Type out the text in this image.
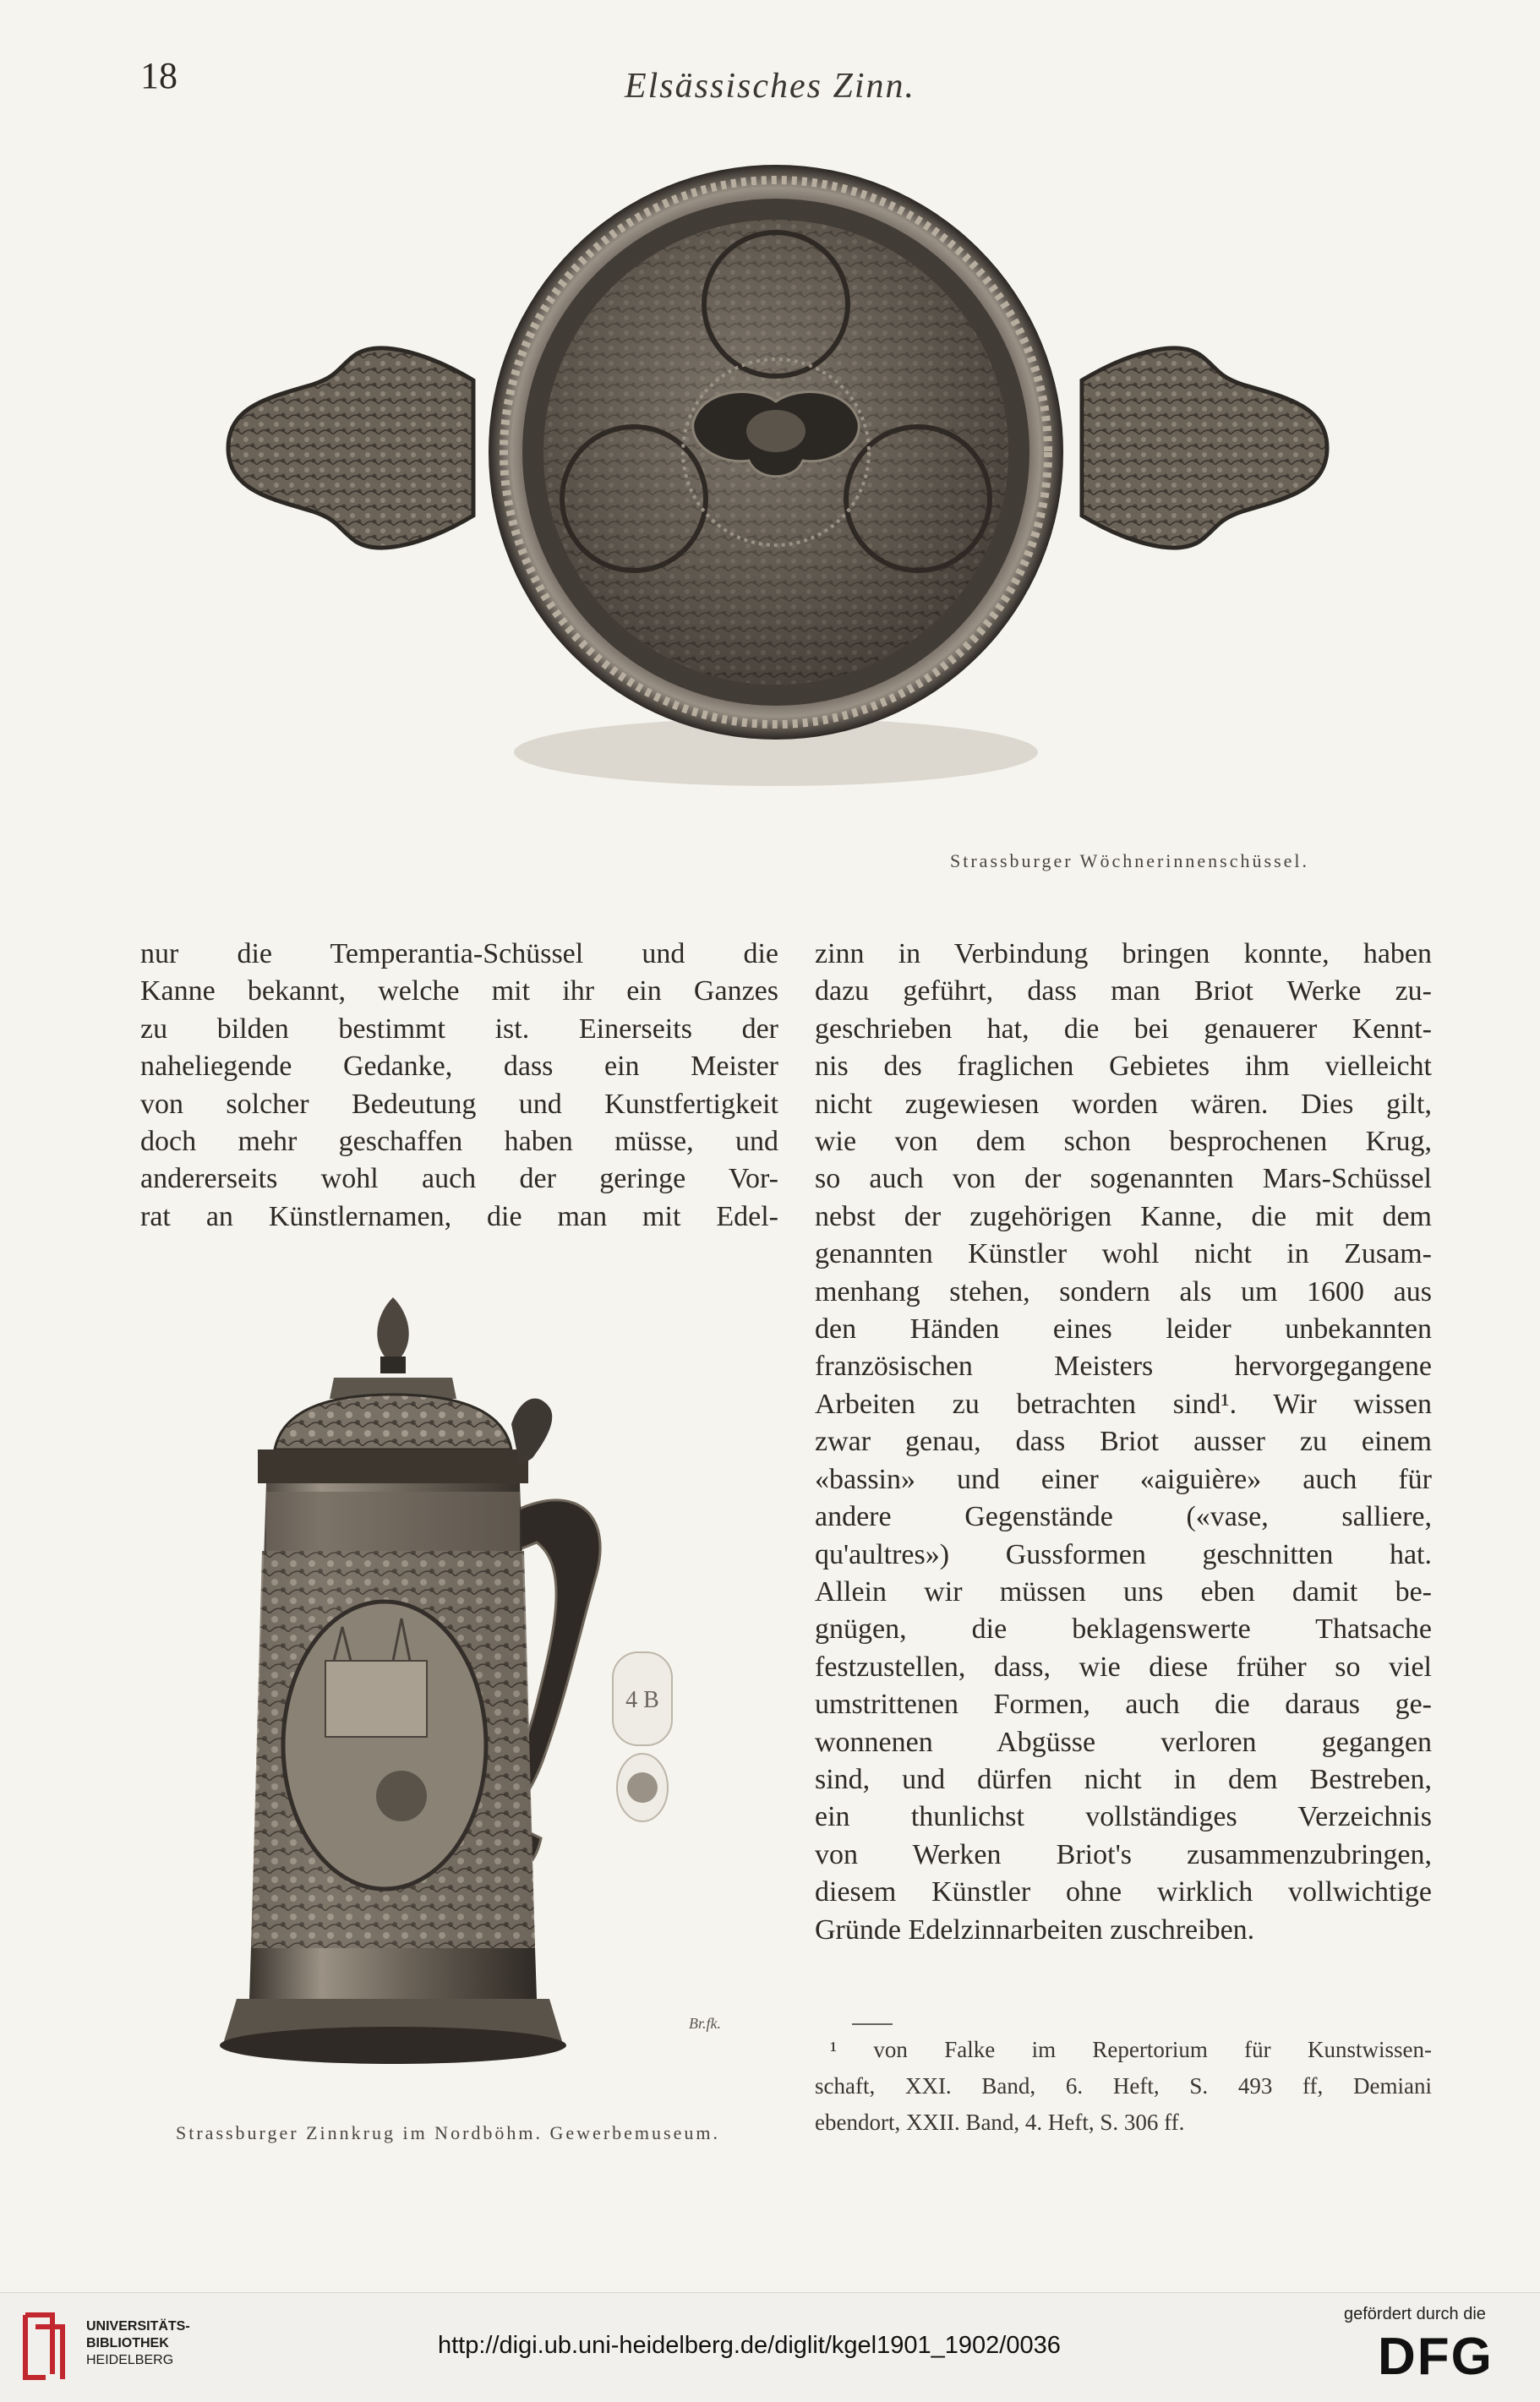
18	Elsässisches Zinn.
Strassburger Wöchnerinnenschüssel.

nur die Temperantia-Schüssel und die

Kanne bekannt, welche mit ihr ein Ganzes

zu bilden bestimmt ist. Einerseits der

naheliegende Gedanke, dass ein Meister

von solcher Bedeutung und Kunstfertigkeit

doch mehr geschaffen haben müsse, und

andererseits wohl auch der geringe Vor-

rat an Künstlernamen, die man mit Edel-

4 B
Br.fk.
Strassburger Zinnkrug im Nordböhm. Gewerbemuseum.

zinn in Verbindung bringen konnte, haben

dazu geführt, dass man Briot Werke zu-

geschrieben hat, die bei genauerer Kennt-

nis des fraglichen Gebietes ihm vielleicht

nicht zugewiesen worden wären. Dies gilt,

wie von dem schon besprochenen Krug,

so auch von der sogenannten Mars-Schüssel

nebst der zugehörigen Kanne, die mit dem

genannten Künstler wohl nicht in Zusam-

menhang stehen, sondern als um 1600 aus

den Händen eines leider unbekannten

französischen Meisters hervorgegangene

Arbeiten zu betrachten sind¹. Wir wissen

zwar genau, dass Briot ausser zu einem

«bassin» und einer «aiguière» auch für

andere Gegenstände («vase, salliere,

qu'aultres») Gussformen geschnitten hat.

Allein wir müssen uns eben damit be-

gnügen, die beklagenswerte Thatsache

festzustellen, dass, wie diese früher so viel

umstrittenen Formen, auch die daraus ge-

wonnenen Abgüsse verloren gegangen

sind, und dürfen nicht in dem Bestreben,

ein thunlichst vollständiges Verzeichnis

von Werken Briot's zusammenzubringen,

diesem Künstler ohne wirklich vollwichtige

Gründe Edelzinnarbeiten zuschreiben.

¹ von Falke im Repertorium für Kunstwissen-

schaft, XXI. Band, 6. Heft, S. 493 ff, Demiani

ebendort, XXII. Band, 4. Heft, S. 306 ff.

UNIVERSITÄTS-
BIBLIOTHEK
HEIDELBERG
http://digi.ub.uni-heidelberg.de/diglit/kgel1901_1902/0036
gefördert durch die
DFG
